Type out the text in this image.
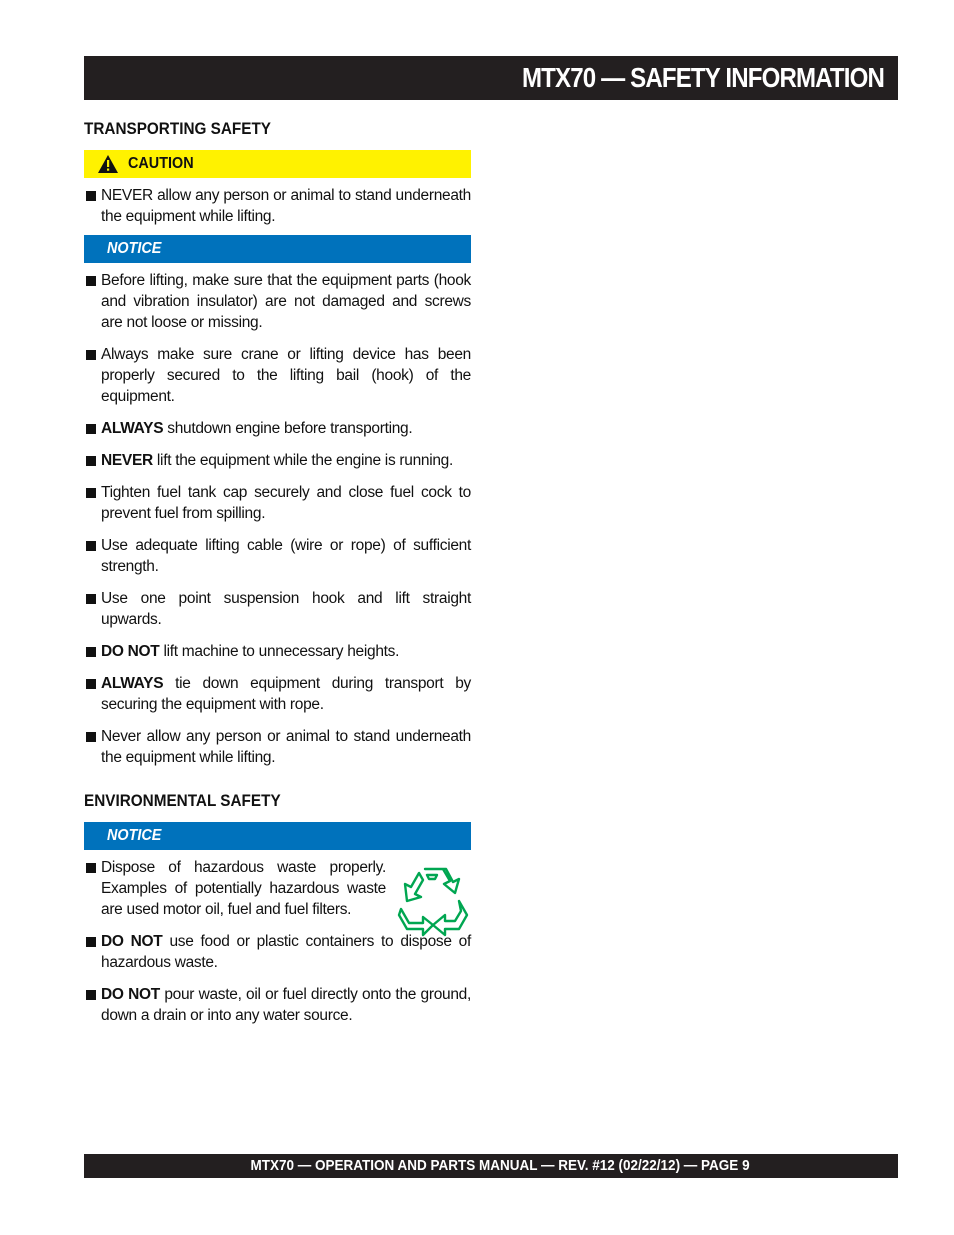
MTX70 — SAFETY INFORMATION
TRANSPORTING SAFETY
CAUTION
NEVER allow any person or animal to stand underneath the equipment while lifting.
NOTICE
Before lifting, make sure that the equipment parts (hook and vibration insulator) are not damaged and screws are not loose or missing.
Always make sure crane or lifting device has been properly secured to the lifting bail (hook) of the equipment.
ALWAYS shutdown engine before transporting.
NEVER lift the equipment while the engine is running.
Tighten fuel tank cap securely and close fuel cock to prevent fuel from spilling.
Use adequate lifting cable (wire or rope) of sufficient strength.
Use one point suspension hook and lift straight upwards.
DO NOT lift machine to unnecessary heights.
ALWAYS tie down equipment during transport by securing the equipment with rope.
Never allow any person or animal to stand underneath the equipment while lifting.
ENVIRONMENTAL SAFETY
NOTICE
Dispose of hazardous waste properly. Examples of potentially hazardous waste are used motor oil, fuel and fuel filters.
DO NOT use food or plastic containers to dispose of hazardous waste.
DO NOT pour waste, oil or fuel directly onto the ground, down a drain or into any water source.
MTX70 — OPERATION AND PARTS MANUAL — REV. #12 (02/22/12) — PAGE 9
